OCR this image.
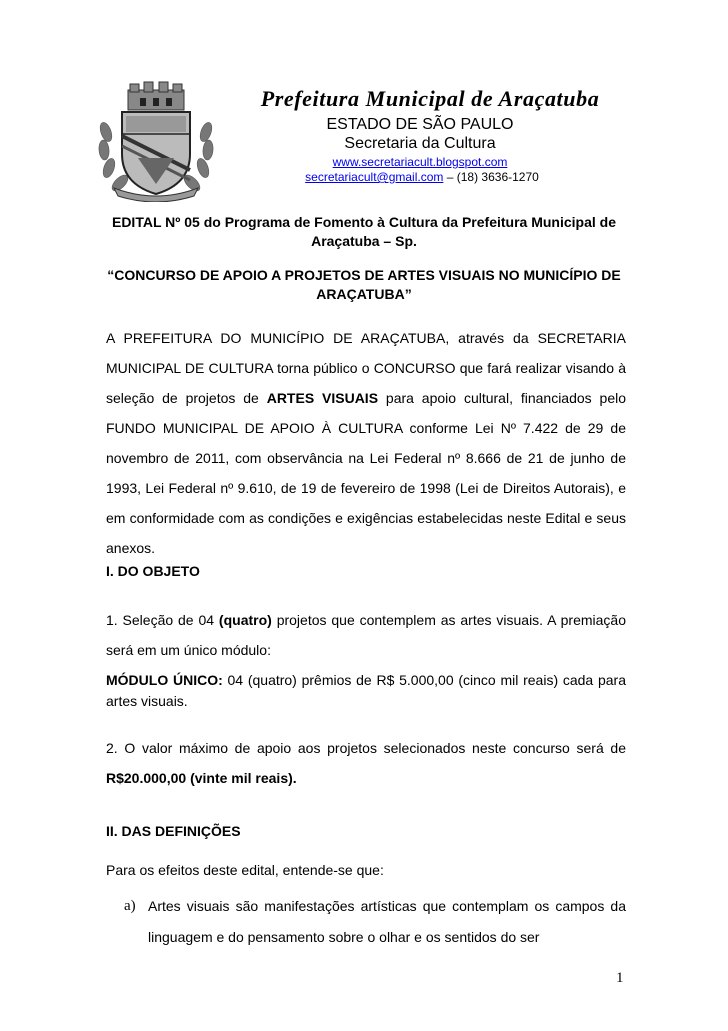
Prefeitura Municipal de Araçatuba
ESTADO DE SÃO PAULO
Secretaria da Cultura
www.secretariacult.blogspot.com
secretariacult@gmail.com – (18) 3636-1270
EDITAL Nº 05 do Programa de Fomento à Cultura da Prefeitura Municipal de Araçatuba – Sp.
“CONCURSO DE APOIO A PROJETOS DE ARTES VISUAIS NO MUNICÍPIO DE ARAÇATUBA”
A PREFEITURA DO MUNICÍPIO DE ARAÇATUBA, através da SECRETARIA MUNICIPAL DE CULTURA torna público o CONCURSO que fará realizar visando à seleção de projetos de ARTES VISUAIS para apoio cultural, financiados pelo FUNDO MUNICIPAL DE APOIO À CULTURA conforme Lei Nº 7.422 de 29 de novembro de 2011, com observância na Lei Federal nº 8.666 de 21 de junho de 1993, Lei Federal nº 9.610, de 19 de fevereiro de 1998 (Lei de Direitos Autorais), e em conformidade com as condições e exigências estabelecidas neste Edital e seus anexos.
I. DO OBJETO
1. Seleção de 04 (quatro) projetos que contemplem as artes visuais. A premiação será em um único módulo:
MÓDULO ÚNICO: 04 (quatro) prêmios de R$ 5.000,00 (cinco mil reais) cada para artes visuais.
2. O valor máximo de apoio aos projetos selecionados neste concurso será de R$20.000,00 (vinte mil reais).
II. DAS DEFINIÇÕES
Para os efeitos deste edital, entende-se que:
a) Artes visuais são manifestações artísticas que contemplam os campos da linguagem e do pensamento sobre o olhar e os sentidos do ser
1
